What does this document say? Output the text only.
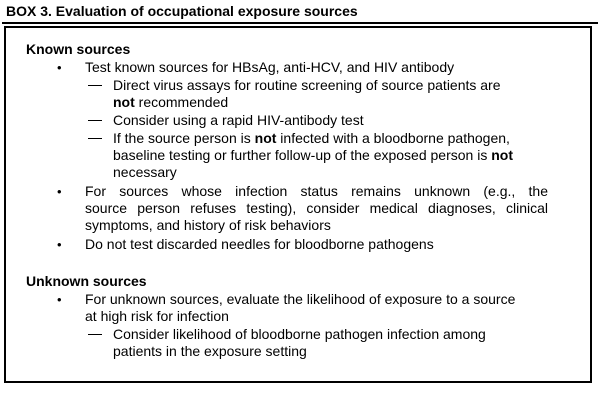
BOX 3. Evaluation of occupational exposure sources
Known sources
• Test known sources for HBsAg, anti-HCV, and HIV antibody
Direct virus assays for routine screening of source patients are
not recommended
Consider using a rapid HIV-antibody test
If the source person is not infected with a bloodborne pathogen,
baseline testing or further follow-up of the exposed person is not
necessary
• For sources whose infection status remains unknown (e.g., the
source person refuses testing), consider medical diagnoses, clinical
symptoms, and history of risk behaviors
• Do not test discarded needles for bloodborne pathogens
Unknown sources
• For unknown sources, evaluate the likelihood of exposure to a source
at high risk for infection
Consider likelihood of bloodborne pathogen infection among
patients in the exposure setting
